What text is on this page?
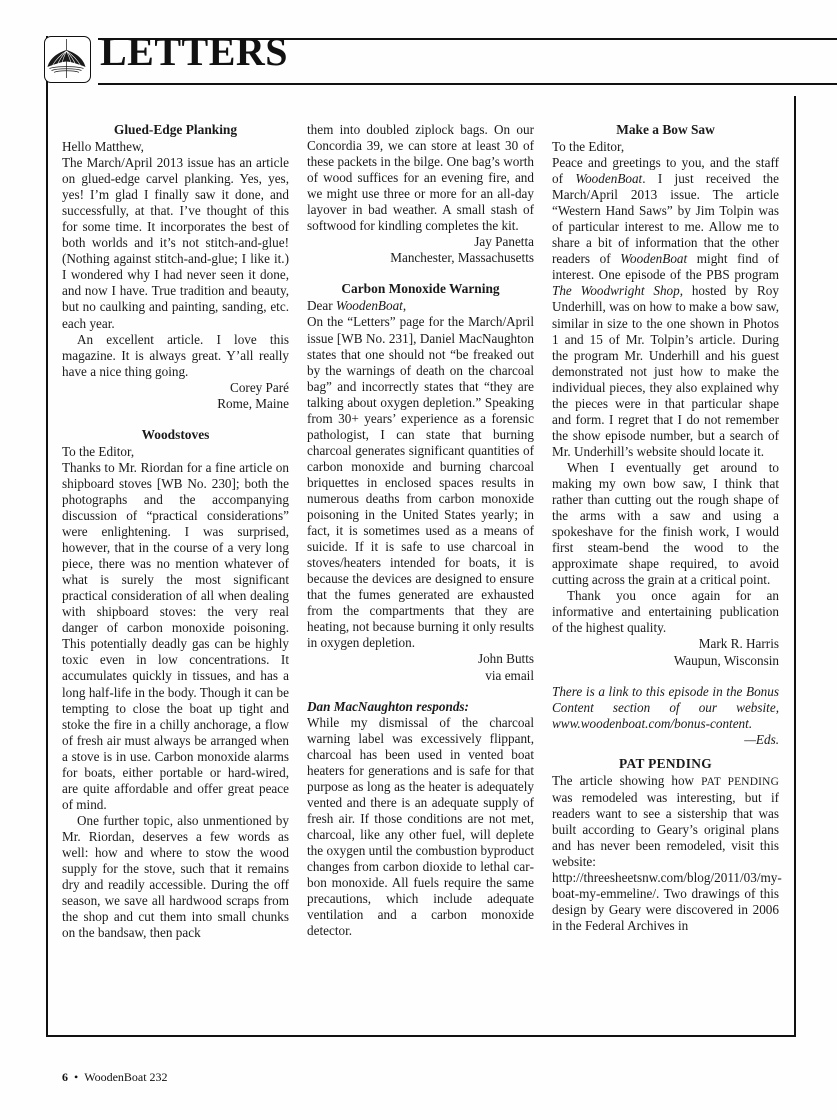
LETTERS
Glued-Edge Planking

Hello Matthew,

The March/April 2013 issue has an article on glued-edge carvel planking. Yes, yes, yes! I’m glad I finally saw it done, and successfully, at that. I’ve thought of this for some time. It incorporates the best of both worlds and it’s not stitch-and-glue! (Nothing against stitch-and-glue; I like it.) I wondered why I had never seen it done, and now I have. True tradition and beauty, but no caulking and painting, sanding, etc. each year.

An excellent article. I love this magazine. It is always great. Y’all really have a nice thing going.

Corey Paré

Rome, Maine

Woodstoves

To the Editor,

Thanks to Mr. Riordan for a fine article on shipboard stoves [WB No. 230]; both the photographs and the accompanying discussion of “practical considerations” were enlightening. I was surprised, however, that in the course of a very long piece, there was no mention whatever of what is surely the most significant practical consideration of all when dealing with shipboard stoves: the very real danger of carbon monoxide poisoning. This potentially deadly gas can be highly toxic even in low concentrations. It accumulates quickly in tissues, and has a long half-life in the body. Though it can be tempting to close the boat up tight and stoke the fire in a chilly anchorage, a flow of fresh air must always be arranged when a stove is in use. Carbon monoxide alarms for boats, either portable or hard-wired, are quite affordable and offer great peace of mind.

One further topic, also unmentioned by Mr. Riordan, deserves a few words as well: how and where to stow the wood supply for the stove, such that it remains dry and readily accessible. During the off season, we save all hardwood scraps from the shop and cut them into small chunks on the bandsaw, then pack

them into doubled ziplock bags. On our Concordia 39, we can store at least 30 of these packets in the bilge. One bag’s worth of wood suffices for an evening fire, and we might use three or more for an all-day layover in bad weather. A small stash of softwood for kindling completes the kit.

Jay Panetta

Manchester, Massachusetts

Carbon Monoxide Warning

Dear WoodenBoat,

On the “Letters” page for the March/April issue [WB No. 231], Daniel MacNaughton states that one should not “be freaked out by the warnings of death on the charcoal bag” and incorrectly states that “they are talking about oxygen depletion.” Speaking from 30+ years’ experience as a forensic pathologist, I can state that burning charcoal generates significant quantities of carbon monoxide and burning charcoal briquettes in enclosed spaces results in numerous deaths from carbon monoxide poisoning in the United States yearly; in fact, it is sometimes used as a means of suicide. If it is safe to use charcoal in stoves/heaters intended for boats, it is because the devices are designed to ensure that the fumes generated are exhausted from the compartments that they are heating, not because burning it only results in oxygen depletion.

John Butts

via email

Dan MacNaughton responds:

While my dismissal of the charcoal warning label was excessively flippant, charcoal has been used in vented boat heaters for generations and is safe for that purpose as long as the heater is adequately vented and there is an adequate supply of fresh air. If those conditions are not met, charcoal, like any other fuel, will deplete the oxygen until the combustion byproduct changes from carbon dioxide to lethal carbon monoxide. All fuels require the same precautions, which include adequate ventilation and a carbon monoxide detector.

Make a Bow Saw

To the Editor,

Peace and greetings to you, and the staff of WoodenBoat. I just received the March/April 2013 issue. The article “Western Hand Saws” by Jim Tolpin was of particular interest to me. Allow me to share a bit of information that the other readers of WoodenBoat might find of interest. One episode of the PBS program The Woodwright Shop, hosted by Roy Underhill, was on how to make a bow saw, similar in size to the one shown in Photos 1 and 15 of Mr. Tolpin’s article. During the program Mr. Underhill and his guest demonstrated not just how to make the individual pieces, they also explained why the pieces were in that particular shape and form. I regret that I do not remember the show episode number, but a search of Mr. Underhill’s website should locate it.

When I eventually get around to making my own bow saw, I think that rather than cutting out the rough shape of the arms with a saw and using a spokeshave for the finish work, I would first steam-bend the wood to the approximate shape required, to avoid cutting across the grain at a critical point.

Thank you once again for an informative and entertaining publication of the highest quality.

Mark R. Harris

Waupun, Wisconsin

There is a link to this episode in the Bonus Content section of our website, www.woodenboat.com/bonus-content.

—Eds.

PAT PENDING

The article showing how PAT PENDING was remodeled was interesting, but if readers want to see a sistership that was built according to Geary’s original plans and has never been remodeled, visit this website: http://threesheetsnw.com/blog/2011/03/my-boat-my-emmeline/. Two drawings of this design by Geary were discovered in 2006 in the Federal Archives in

6 • WoodenBoat 232
